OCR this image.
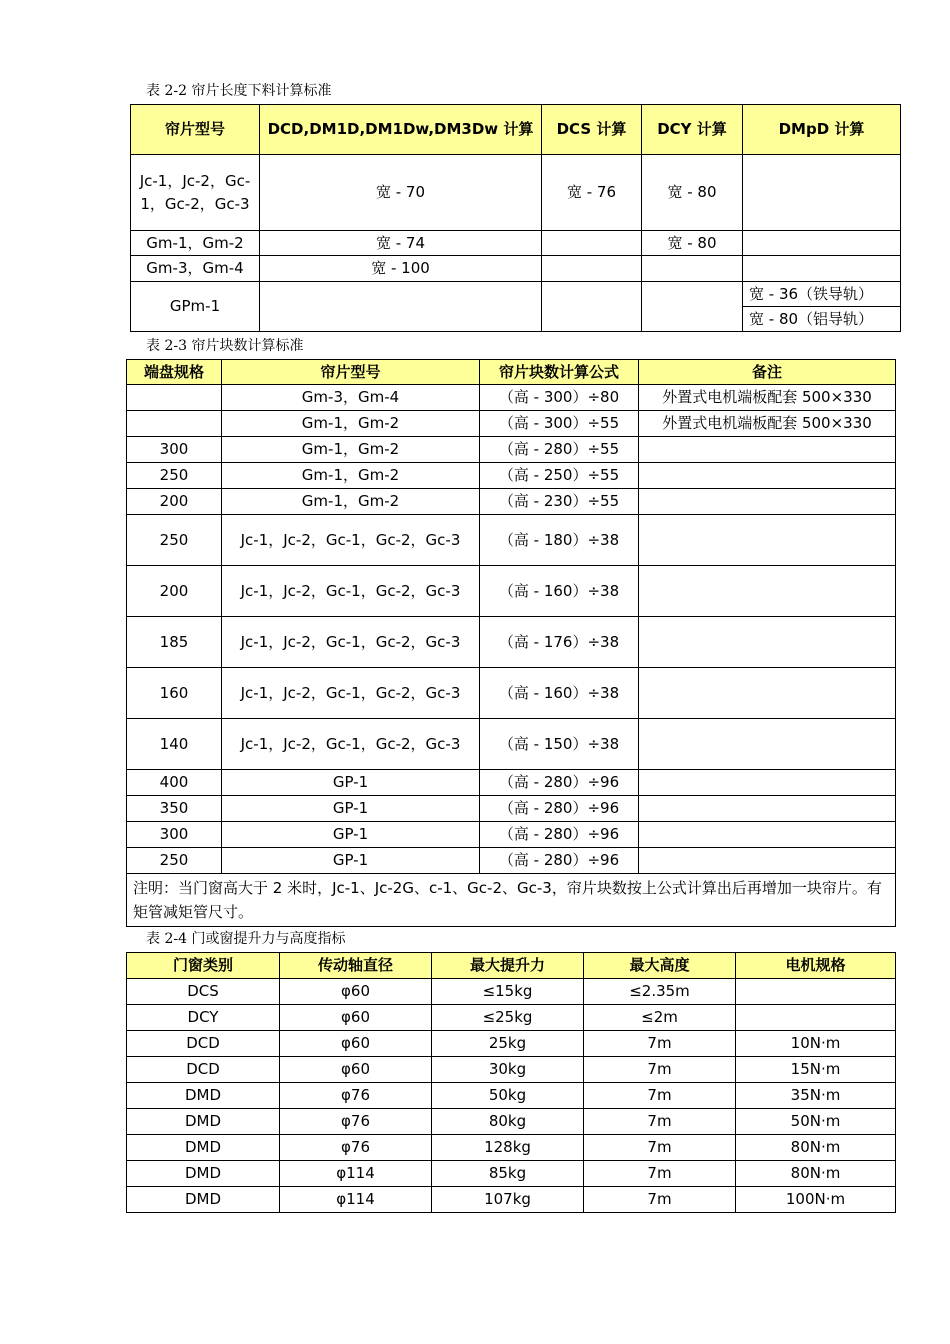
表 2-2 帘片长度下料计算标准
帘片型号	DCD,DM1D,DM1Dw,DM3Dw 计算	DCS 计算	DCY 计算	DMpD 计算
Jc-1，Jc-2，Gc-1，Gc-2，Gc-3	宽 - 70	宽 - 76	宽 - 80	
Gm-1，Gm-2	宽 - 74		宽 - 80	
Gm-3，Gm-4	宽 - 100			
GPm-1				宽 - 36（铁导轨）
				宽 - 80（铝导轨）
表 2-3 帘片块数计算标准
端盘规格	帘片型号	帘片块数计算公式	备注
	Gm-3，Gm-4	（高 - 300）÷80	外置式电机端板配套 500×330
	Gm-1，Gm-2	（高 - 300）÷55	外置式电机端板配套 500×330
300	Gm-1，Gm-2	（高 - 280）÷55	
250	Gm-1，Gm-2	（高 - 250）÷55	
200	Gm-1，Gm-2	（高 - 230）÷55	
250	Jc-1，Jc-2，Gc-1，Gc-2，Gc-3	（高 - 180）÷38	
200	Jc-1，Jc-2，Gc-1，Gc-2，Gc-3	（高 - 160）÷38	
185	Jc-1，Jc-2，Gc-1，Gc-2，Gc-3	（高 - 176）÷38	
160	Jc-1，Jc-2，Gc-1，Gc-2，Gc-3	（高 - 160）÷38	
140	Jc-1，Jc-2，Gc-1，Gc-2，Gc-3	（高 - 150）÷38	
400	GP-1	（高 - 280）÷96	
350	GP-1	（高 - 280）÷96	
300	GP-1	（高 - 280）÷96	
250	GP-1	（高 - 280）÷96	
注明：当门窗高大于 2 米时，Jc-1、Jc-2G、c-1、Gc-2、Gc-3，帘片块数按上公式计算出后再增加一块帘片。有矩管减矩管尺寸。			
表 2-4 门或窗提升力与高度指标
门窗类别	传动轴直径	最大提升力	最大高度	电机规格
DCS	φ60	≤15kg	≤2.35m	
DCY	φ60	≤25kg	≤2m	
DCD	φ60	25kg	7m	10N·m
DCD	φ60	30kg	7m	15N·m
DMD	φ76	50kg	7m	35N·m
DMD	φ76	80kg	7m	50N·m
DMD	φ76	128kg	7m	80N·m
DMD	φ114	85kg	7m	80N·m
DMD	φ114	107kg	7m	100N·m
